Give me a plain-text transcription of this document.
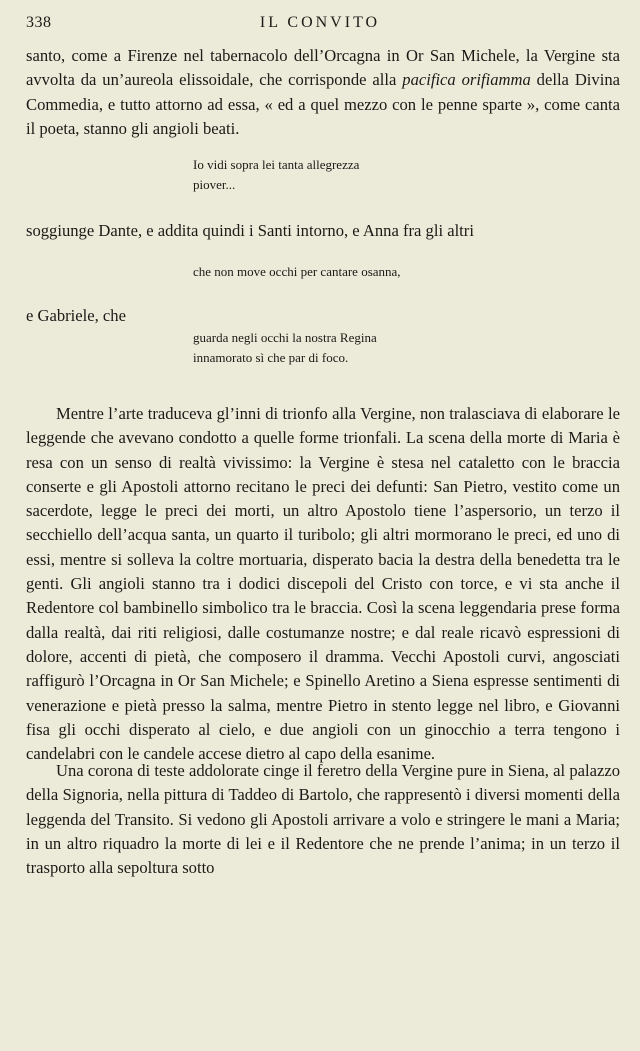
338	IL CONVITO

santo, come a Firenze nel tabernacolo dell’Orcagna in Or San Michele, la Vergine sta avvolta da un’aureola elissoidale, che corrisponde alla pacifica orifiamma della Divina Commedia, e tutto attorno ad essa, « ed a quel mezzo con le penne sparte », come canta il poeta, stanno gli angioli beati.

Io vidi sopra lei tanta allegrezza
piover...

soggiunge Dante, e addita quindi i Santi intorno, e Anna fra gli altri

che non move occhi per cantare osanna,

e Gabriele, che

guarda negli occhi la nostra Regina
innamorato sì che par di foco.

Mentre l’arte traduceva gl’inni di trionfo alla Vergine, non tralasciava di elaborare le leggende che avevano condotto a quelle forme trionfali. La scena della morte di Maria è resa con un senso di realtà vivissimo: la Vergine è stesa nel cataletto con le braccia conserte e gli Apostoli attorno recitano le preci dei defunti: San Pietro, vestito come un sacerdote, legge le preci dei morti, un altro Apostolo tiene l’aspersorio, un terzo il secchiello dell’acqua santa, un quarto il turibolo; gli altri mormorano le preci, ed uno di essi, mentre si solleva la coltre mortuaria, disperato bacia la destra della benedetta tra le genti. Gli angioli stanno tra i dodici discepoli del Cristo con torce, e vi sta anche il Redentore col bambinello simbolico tra le braccia. Così la scena leggendaria prese forma dalla realtà, dai riti religiosi, dalle costumanze nostre; e dal reale ricavò espressioni di dolore, accenti di pietà, che composero il dramma. Vecchi Apostoli curvi, angosciati raffigurò l’Orcagna in Or San Michele; e Spinello Aretino a Siena espresse sentimenti di venerazione e pietà presso la salma, mentre Pietro in stento legge nel libro, e Giovanni fisa gli occhi disperato al cielo, e due angioli con un ginocchio a terra tengono i candelabri con le candele accese dietro al capo della esanime.

Una corona di teste addolorate cinge il feretro della Vergine pure in Siena, al palazzo della Signoria, nella pittura di Taddeo di Bartolo, che rappresentò i diversi momenti della leggenda del Transito. Si vedono gli Apostoli arrivare a volo e stringere le mani a Maria; in un altro riquadro la morte di lei e il Redentore che ne prende l’anima; in un terzo il trasporto alla sepoltura sotto
